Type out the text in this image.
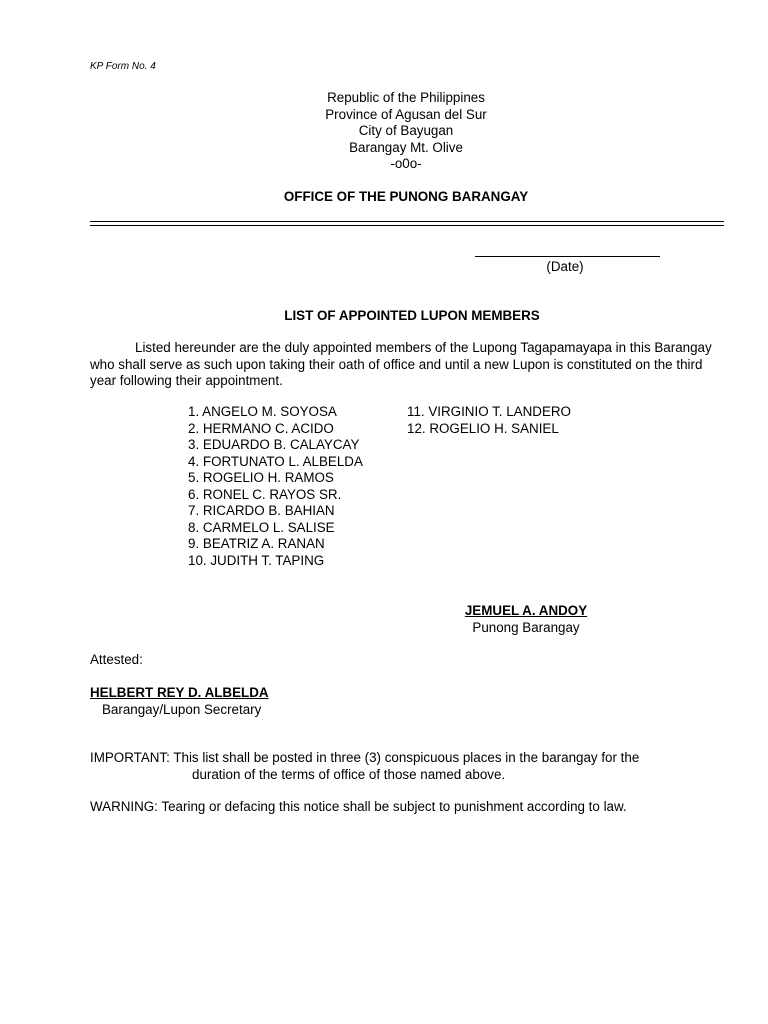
KP Form No. 4
Republic of the Philippines
Province of Agusan del Sur
City of Bayugan
Barangay Mt. Olive
-o0o-
OFFICE OF THE PUNONG BARANGAY
(Date)
LIST OF APPOINTED LUPON MEMBERS
Listed hereunder are the duly appointed members of the Lupong Tagapamayapa in this Barangay who shall serve as such upon taking their oath of office and until a new Lupon is constituted on the third year following their appointment.
1. ANGELO M. SOYOSA
2. HERMANO C. ACIDO
3. EDUARDO B. CALAYCAY
4. FORTUNATO L. ALBELDA
5. ROGELIO H. RAMOS
6. RONEL C. RAYOS SR.
7. RICARDO B. BAHIAN
8. CARMELO L. SALISE
9. BEATRIZ A. RANAN
10. JUDITH T. TAPING
11. VIRGINIO T. LANDERO
12. ROGELIO H. SANIEL
JEMUEL A. ANDOY
Punong Barangay
Attested:
HELBERT REY D. ALBELDA
Barangay/Lupon Secretary
IMPORTANT: This list shall be posted in three (3) conspicuous places in the barangay for the
duration of the terms of office of those named above.
WARNING: Tearing or defacing this notice shall be subject to punishment according to law.
